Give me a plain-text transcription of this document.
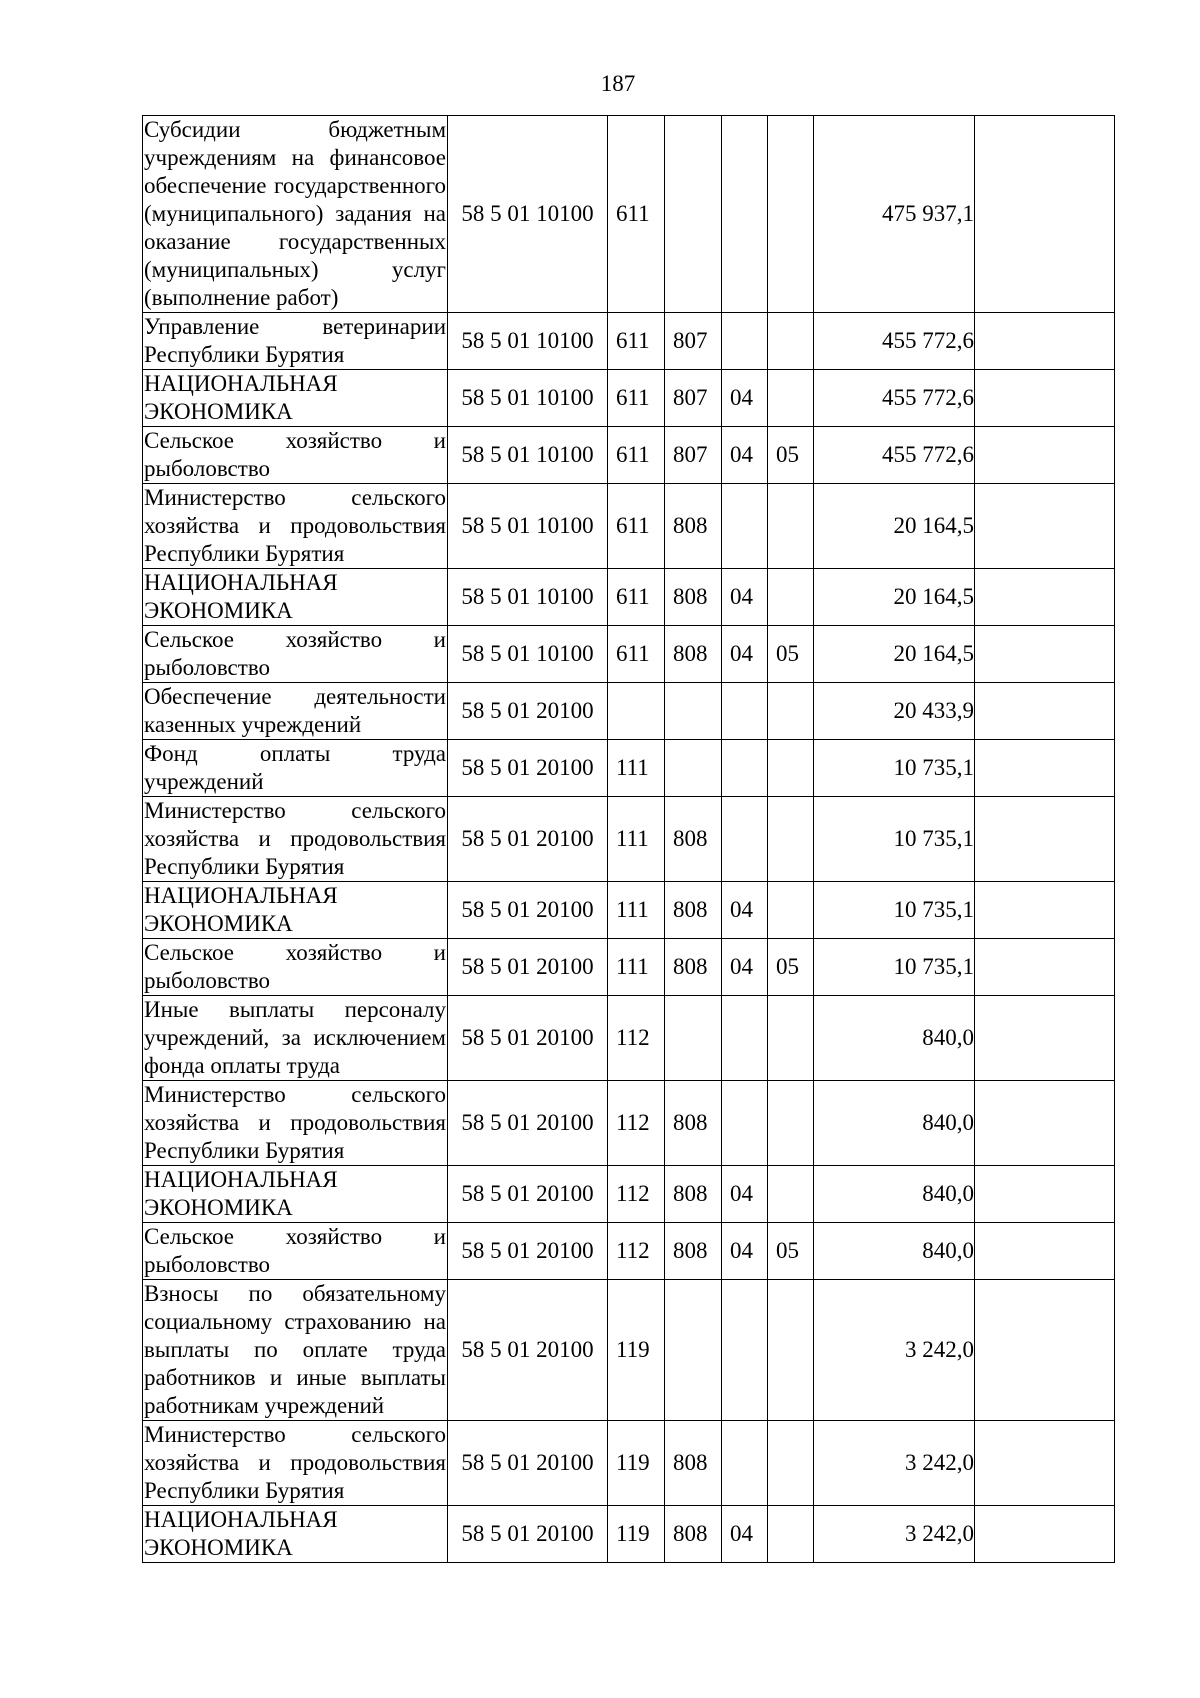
187
Субсидии бюджетным учреждениям на финансовое обеспечение государственного (муниципального) задания на оказание государственных (муниципальных) услуг (выполнение работ)	58 5 01 10100	611				475 937,1	
Управление ветеринарии Республики Бурятия	58 5 01 10100	611	807			455 772,6	
НАЦИОНАЛЬНАЯ ЭКОНОМИКА	58 5 01 10100	611	807	04		455 772,6	
Сельское хозяйство и рыболовство	58 5 01 10100	611	807	04	05	455 772,6	
Министерство сельского хозяйства и продовольствия Республики Бурятия	58 5 01 10100	611	808			20 164,5	
НАЦИОНАЛЬНАЯ ЭКОНОМИКА	58 5 01 10100	611	808	04		20 164,5	
Сельское хозяйство и рыболовство	58 5 01 10100	611	808	04	05	20 164,5	
Обеспечение деятельности казенных учреждений	58 5 01 20100					20 433,9	
Фонд оплаты труда учреждений	58 5 01 20100	111				10 735,1	
Министерство сельского хозяйства и продовольствия Республики Бурятия	58 5 01 20100	111	808			10 735,1	
НАЦИОНАЛЬНАЯ ЭКОНОМИКА	58 5 01 20100	111	808	04		10 735,1	
Сельское хозяйство и рыболовство	58 5 01 20100	111	808	04	05	10 735,1	
Иные выплаты персоналу учреждений, за исключением фонда оплаты труда	58 5 01 20100	112				840,0	
Министерство сельского хозяйства и продовольствия Республики Бурятия	58 5 01 20100	112	808			840,0	
НАЦИОНАЛЬНАЯ ЭКОНОМИКА	58 5 01 20100	112	808	04		840,0	
Сельское хозяйство и рыболовство	58 5 01 20100	112	808	04	05	840,0	
Взносы по обязательному социальному страхованию на выплаты по оплате труда работников и иные выплаты работникам учреждений	58 5 01 20100	119				3 242,0	
Министерство сельского хозяйства и продовольствия Республики Бурятия	58 5 01 20100	119	808			3 242,0	
НАЦИОНАЛЬНАЯ ЭКОНОМИКА	58 5 01 20100	119	808	04		3 242,0	
